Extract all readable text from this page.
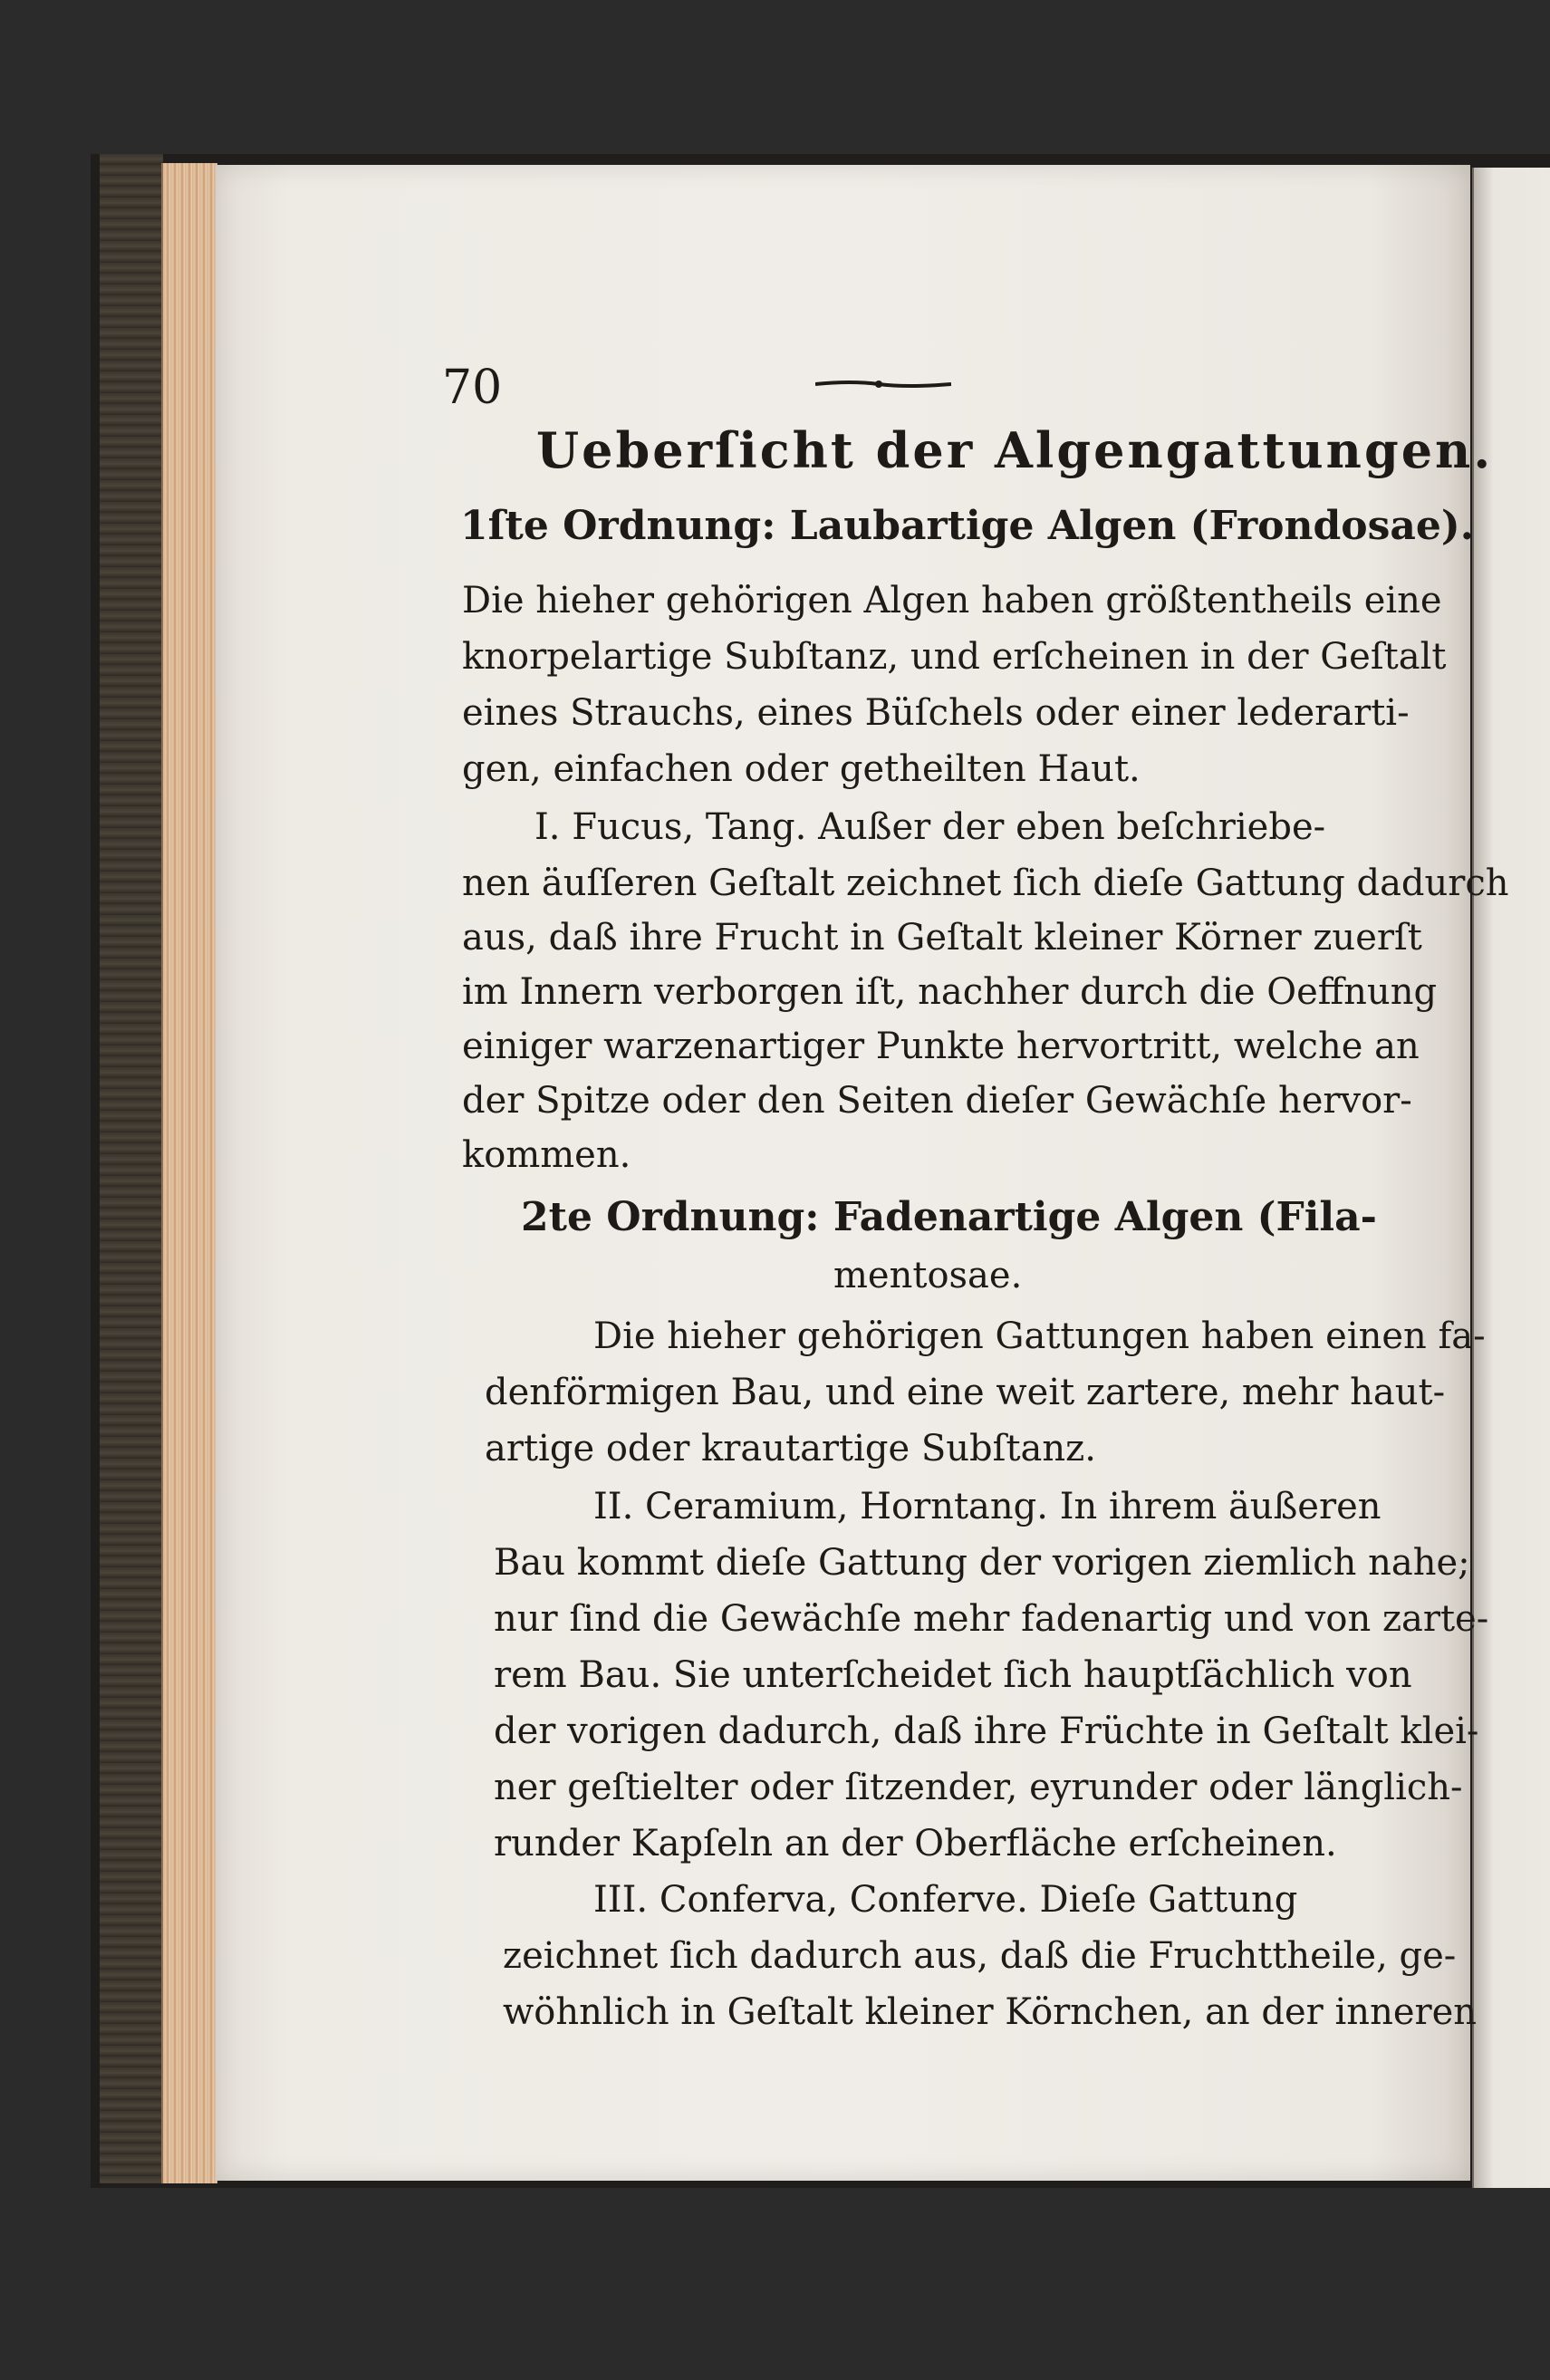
70
Ueberſicht der Algengattungen.
1ſte Ordnung: Laubartige Algen (Frondosae).
Die hieher gehörigen Algen haben größtentheils eine
knorpelartige Subſtanz, und erſcheinen in der Geſtalt
eines Strauchs, eines Büſchels oder einer lederarti-
gen, einfachen oder getheilten Haut.
I. Fucus, Tang. Außer der eben beſchriebe-
nen äuſſeren Geſtalt zeichnet ſich dieſe Gattung dadurch
aus, daß ihre Frucht in Geſtalt kleiner Körner zuerſt
im Innern verborgen iſt, nachher durch die Oeffnung
einiger warzenartiger Punkte hervortritt, welche an
der Spitze oder den Seiten dieſer Gewächſe hervor-
kommen.
2te Ordnung: Fadenartige Algen (Fila-
mentosae.
Die hieher gehörigen Gattungen haben einen fa-
denförmigen Bau, und eine weit zartere, mehr haut-
artige oder krautartige Subſtanz.
II. Ceramium, Horntang. In ihrem äußeren
Bau kommt dieſe Gattung der vorigen ziemlich nahe;
nur ſind die Gewächſe mehr fadenartig und von zarte-
rem Bau. Sie unterſcheidet ſich hauptſächlich von
der vorigen dadurch, daß ihre Früchte in Geſtalt klei-
ner geſtielter oder ſitzender, eyrunder oder länglich-
runder Kapſeln an der Oberfläche erſcheinen.
III. Conferva, Conferve. Dieſe Gattung
zeichnet ſich dadurch aus, daß die Fruchttheile, ge-
wöhnlich in Geſtalt kleiner Körnchen, an der inneren
